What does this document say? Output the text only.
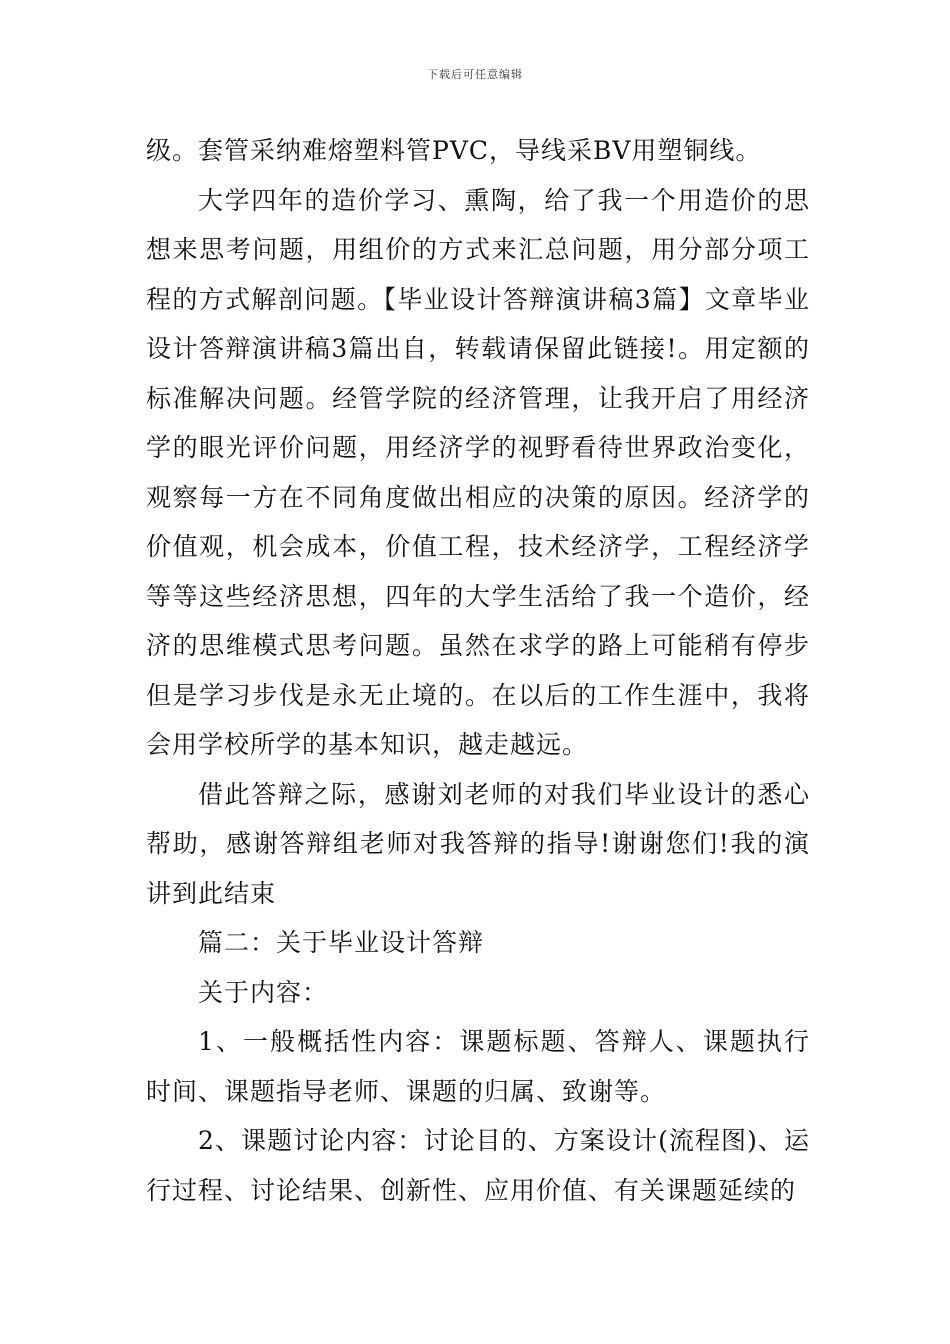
下载后可任意编辑

级。套管采纳难熔塑料管PVC，导线采BV用塑铜线。

大学四年的造价学习、熏陶，给了我一个用造价的思想来思考问题，用组价的方式来汇总问题，用分部分项工程的方式解剖问题。【毕业设计答辩演讲稿3篇】文章毕业设计答辩演讲稿3篇出自，转载请保留此链接!。用定额的标准解决问题。经管学院的经济管理，让我开启了用经济学的眼光评价问题，用经济学的视野看待世界政治变化，观察每一方在不同角度做出相应的决策的原因。经济学的价值观，机会成本，价值工程，技术经济学，工程经济学等等这些经济思想，四年的大学生活给了我一个造价，经济的思维模式思考问题。虽然在求学的路上可能稍有停步但是学习步伐是永无止境的。在以后的工作生涯中，我将会用学校所学的基本知识，越走越远。

借此答辩之际，感谢刘老师的对我们毕业设计的悉心帮助，感谢答辩组老师对我答辩的指导!谢谢您们!我的演讲到此结束

篇二：关于毕业设计答辩

关于内容：

1、一般概括性内容：课题标题、答辩人、课题执行时间、课题指导老师、课题的归属、致谢等。

2、课题讨论内容：讨论目的、方案设计(流程图)、运行过程、讨论结果、创新性、应用价值、有关课题延续的
